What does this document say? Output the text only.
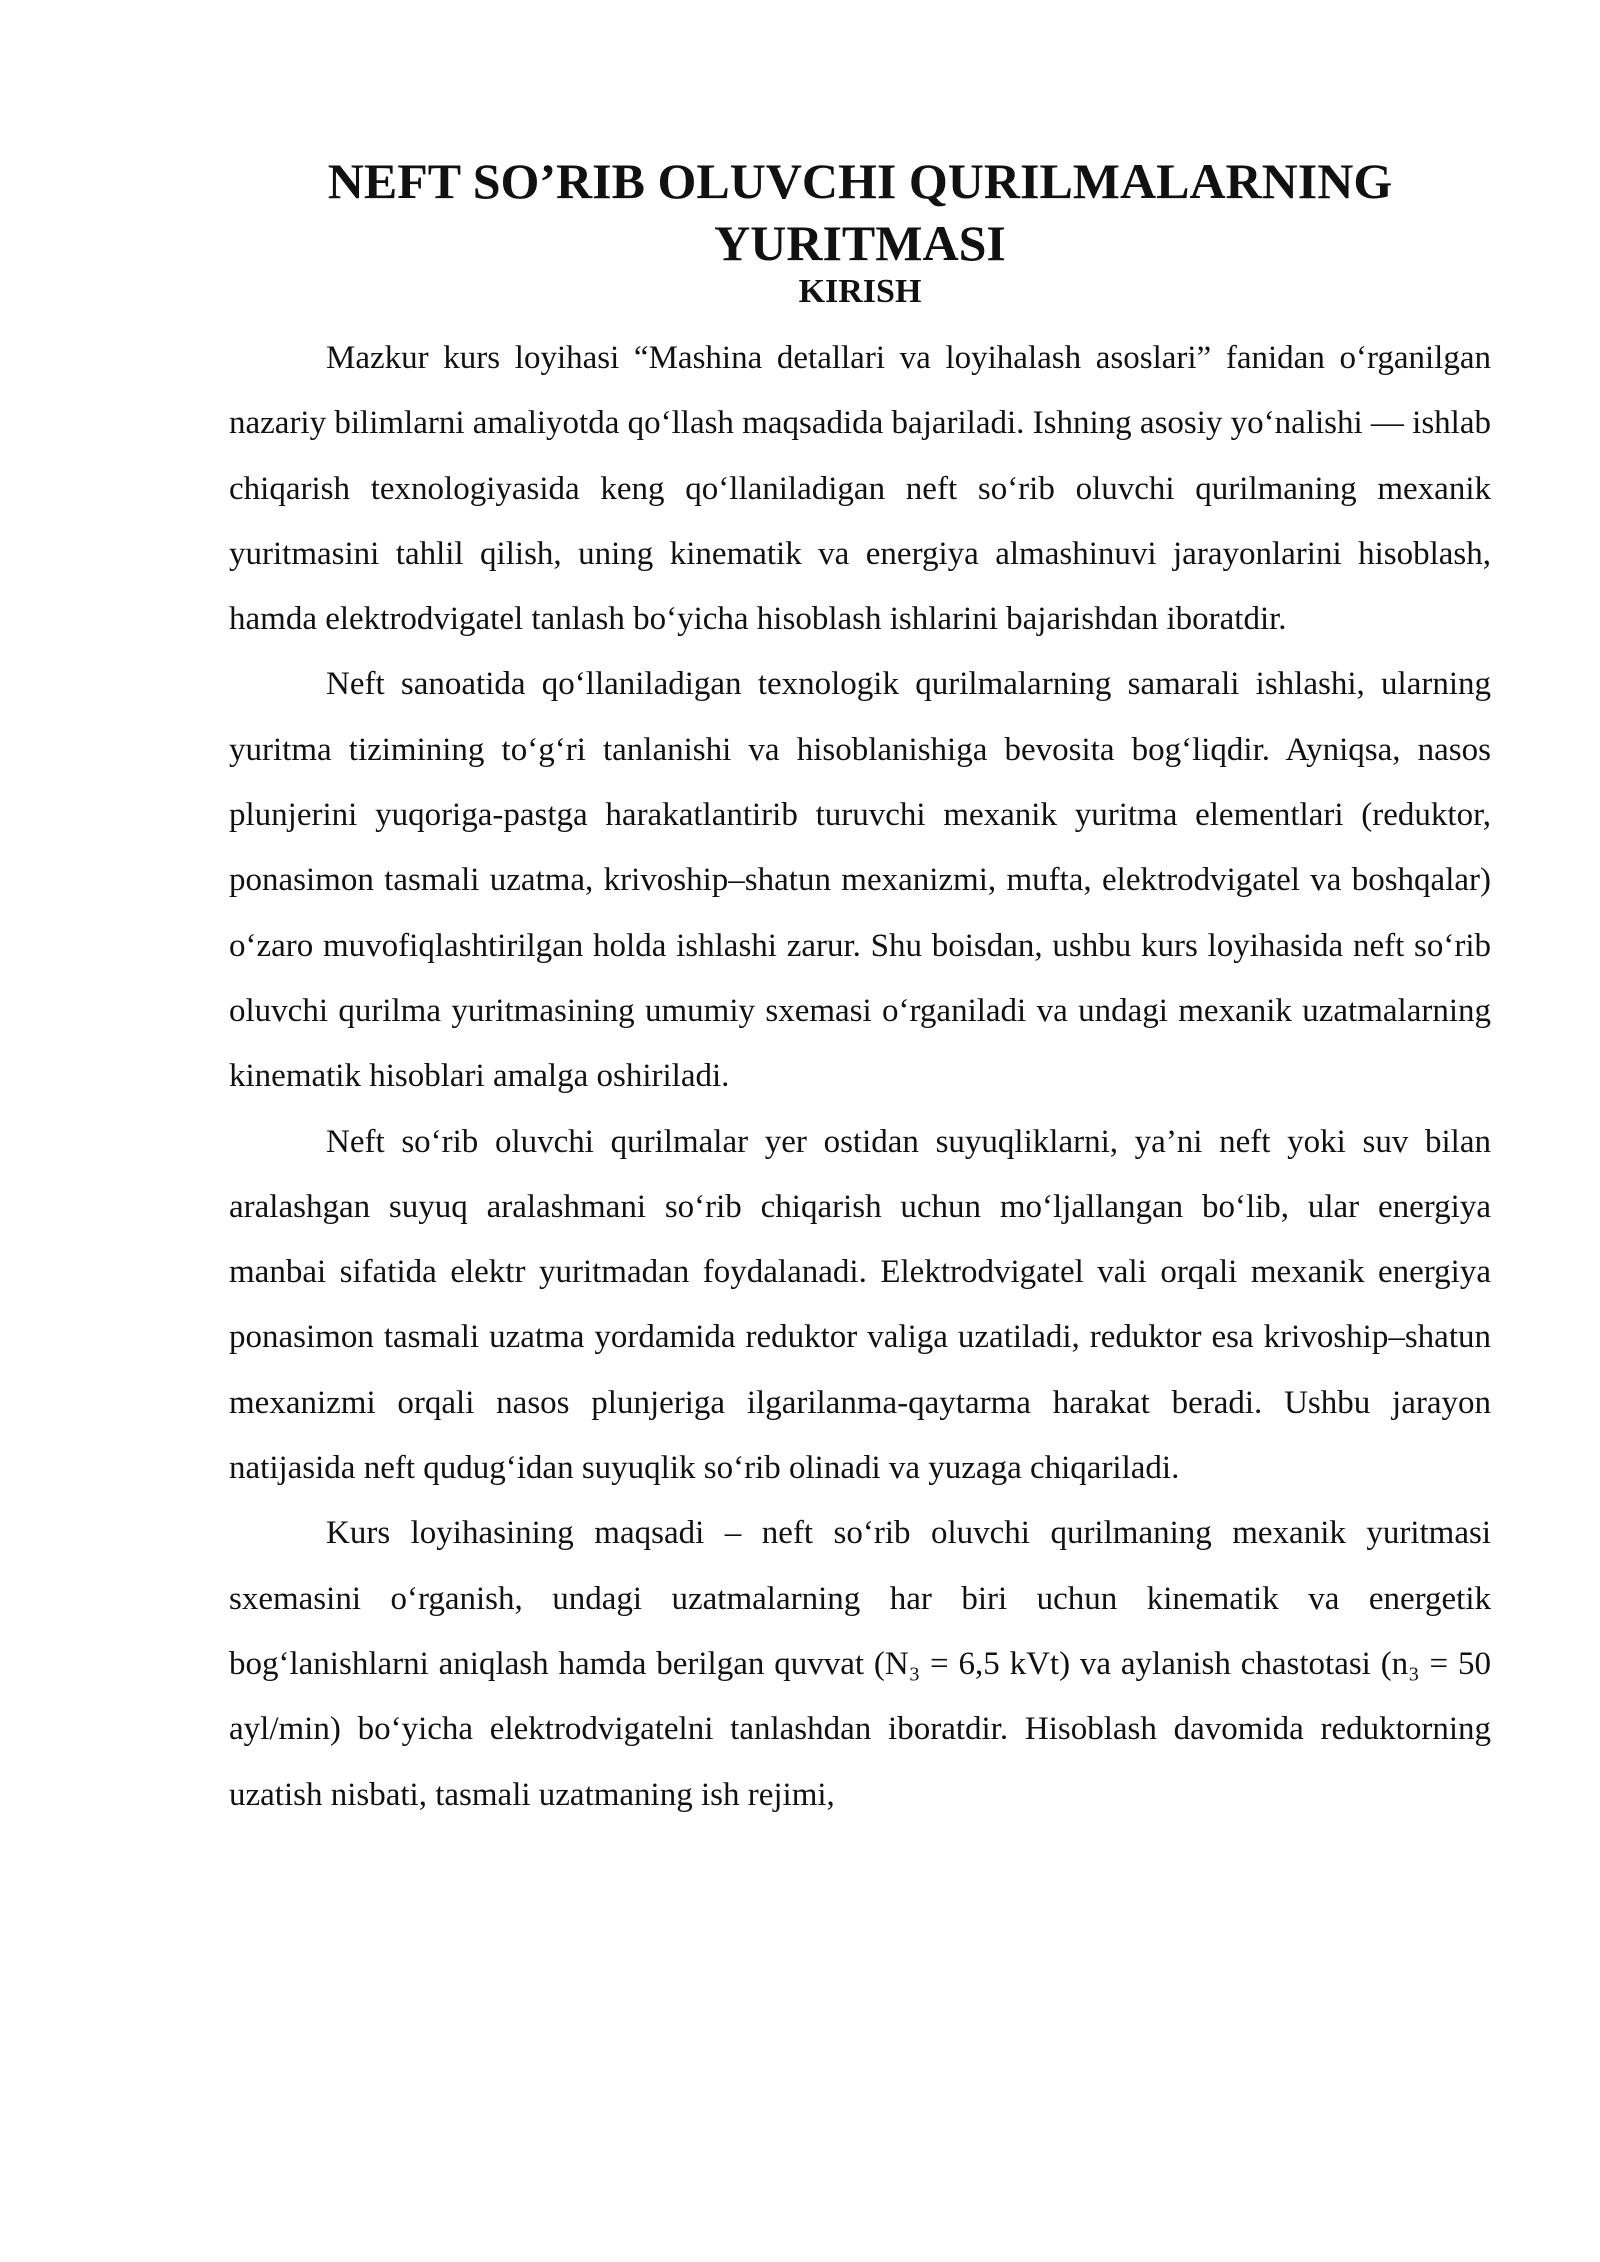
NEFT SO’RIB OLUVCHI QURILMALARNING YURITMASI
KIRISH

Mazkur kurs loyihasi “Mashina detallari va loyihalash asoslari” fanidan o‘rganilgan nazariy bilimlarni amaliyotda qo‘llash maqsadida bajariladi. Ishning asosiy yo‘nalishi — ishlab chiqarish texnologiyasida keng qo‘llaniladigan neft so‘rib oluvchi qurilmaning mexanik yuritmasini tahlil qilish, uning kinematik va energiya almashinuvi jarayonlarini hisoblash, hamda elektrodvigatel tanlash bo‘yicha hisoblash ishlarini bajarishdan iboratdir.

Neft sanoatida qo‘llaniladigan texnologik qurilmalarning samarali ishlashi, ularning yuritma tizimining to‘g‘ri tanlanishi va hisoblanishiga bevosita bog‘liqdir. Ayniqsa, nasos plunjerini yuqoriga-pastga harakatlantirib turuvchi mexanik yuritma elementlari (reduktor, ponasimon tasmali uzatma, krivoship–shatun mexanizmi, mufta, elektrodvigatel va boshqalar) o‘zaro muvofiqlashtirilgan holda ishlashi zarur. Shu boisdan, ushbu kurs loyihasida neft so‘rib oluvchi qurilma yuritmasining umumiy sxemasi o‘rganiladi va undagi mexanik uzatmalarning kinematik hisoblari amalga oshiriladi.

Neft so‘rib oluvchi qurilmalar yer ostidan suyuqliklarni, ya’ni neft yoki suv bilan aralashgan suyuq aralashmani so‘rib chiqarish uchun mo‘ljallangan bo‘lib, ular energiya manbai sifatida elektr yuritmadan foydalanadi. Elektrodvigatel vali orqali mexanik energiya ponasimon tasmali uzatma yordamida reduktor valiga uzatiladi, reduktor esa krivoship–shatun mexanizmi orqali nasos plunjeriga ilgarilanma-qaytarma harakat beradi. Ushbu jarayon natijasida neft qudug‘idan suyuqlik so‘rib olinadi va yuzaga chiqariladi.

Kurs loyihasining maqsadi – neft so‘rib oluvchi qurilmaning mexanik yuritmasi sxemasini o‘rganish, undagi uzatmalarning har biri uchun kinematik va energetik bog‘lanishlarni aniqlash hamda berilgan quvvat (N₃ = 6,5 kVt) va aylanish chastotasi (n₃ = 50 ayl/min) bo‘yicha elektrodvigatelni tanlashdan iboratdir. Hisoblash davomida reduktorning uzatish nisbati, tasmali uzatmaning ish rejimi,
